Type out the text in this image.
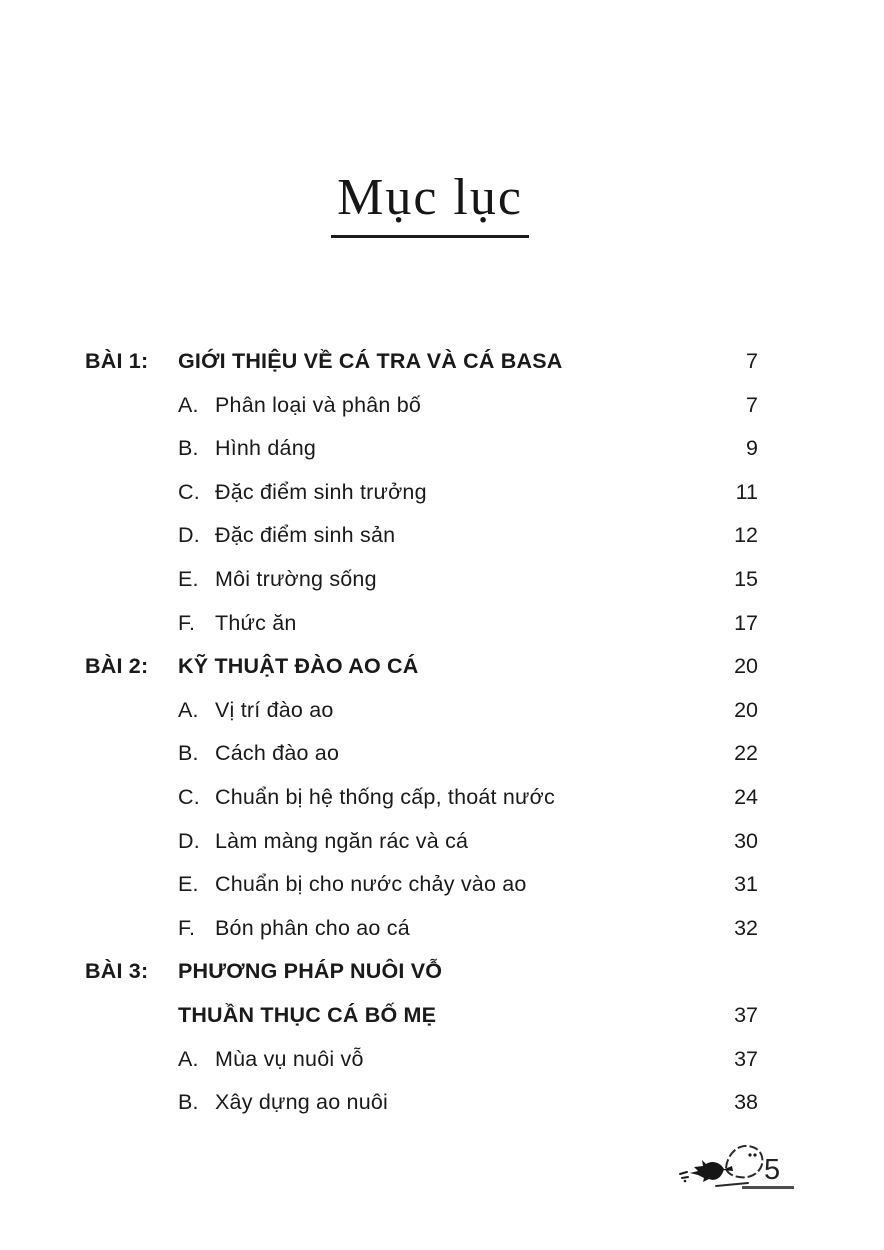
Mục lục
BÀI 1:	GIỚI THIỆU VỀ CÁ TRA VÀ CÁ BASA	7
A. Phân loại và phân bố	7
B. Hình dáng	9
C. Đặc điểm sinh trưởng	11
D. Đặc điểm sinh sản	12
E. Môi trường sống	15
F. Thức ăn	17
BÀI 2:	KỸ THUẬT ĐÀO AO CÁ	20
A. Vị trí đào ao	20
B. Cách đào ao	22
C. Chuẩn bị hệ thống cấp, thoát nước	24
D. Làm màng ngăn rác và cá	30
E. Chuẩn bị cho nước chảy vào ao	31
F. Bón phân cho ao cá	32
BÀI 3:	PHƯƠNG PHÁP NUÔI VỖ
THUẦN THỤC CÁ BỐ MẸ	37
A. Mùa vụ nuôi vỗ	37
B. Xây dựng ao nuôi	38
5
